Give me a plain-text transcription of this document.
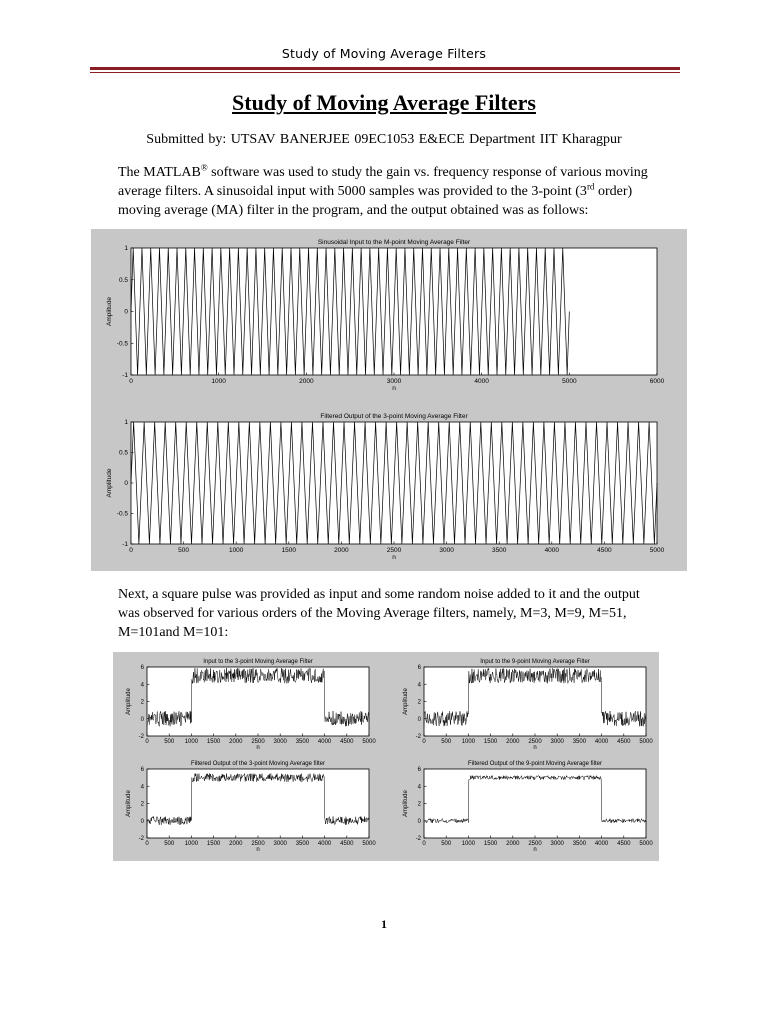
Study of Moving Average Filters
Study of Moving Average Filters
Submitted by: UTSAV BANERJEE 09EC1053 E&ECE Department IIT Kharagpur
The MATLAB® software was used to study the gain vs. frequency response of various moving average filters. A sinusoidal input with 5000 samples was provided to the 3-point (3rd order) moving average (MA) filter in the program, and the output obtained was as follows:
Sinusoidal Input to the M-point Moving Average Filter
0	1000	2000	3000	4000	5000	6000
1
0.5
0
-0.5
-1
n
Amplitude
Filtered Output of the 3-point Moving Average Filter
0	500	1000	1500	2000	2500	3000	3500	4000	4500	5000
1
0.5
0
-0.5
-1
n
Amplitude
Next, a square pulse was provided as input and some random noise added to it and the output was observed for various orders of the Moving Average filters, namely, M=3, M=9, M=51, M=101and M=101:
Input to the 3-point Moving Average Filter
0	500 1000 1500 2000 2500 3000 3500 4000 4500 5000
6
4
2
0
-2
n
Amplitude
Filtered Output of the 3-point Moving Average filter
0	500 1000 1500 2000 2500 3000 3500 4000 4500 5000
6
4
2
0
-2
n
Amplitude
Input to the 9-point Moving Average Filter
0	500 1000 1500 2000 2500 3000 3500 4000 4500 5000
6
4
2
0
-2
n
Amplitude
Filtered Output of the 9-point Moving Average filter
0	500 1000 1500 2000 2500 3000 3500 4000 4500 5000
6
4
2
0
-2
n
Amplitude
1
